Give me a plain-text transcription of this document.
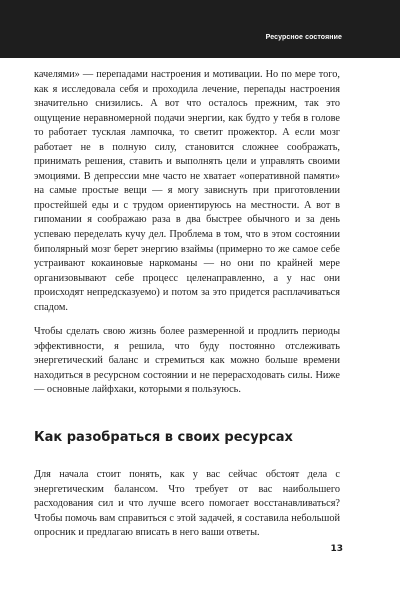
Ресурсное состояние

качелями» — перепадами настроения и мотивации. Но по мере того, как я исследовала себя и проходила лечение, перепады настроения значительно снизились. А вот что осталось прежним, так это ощущение неравномерной подачи энергии, как будто у тебя в голове то работает тусклая лампочка, то светит прожектор. А если мозг работает не в полную силу, становится сложнее соображать, принимать решения, ставить и выполнять цели и управлять своими эмоциями. В депрессии мне часто не хватает «оперативной памяти» на самые простые вещи — я могу зависнуть при приготовлении простейшей еды и с трудом ориентируюсь на местности. А вот в гипомании я соображаю раза в два быстрее обычного и за день успеваю переделать кучу дел. Проблема в том, что в этом состоянии биполярный мозг берет энергию взаймы (примерно то же самое себе устраивают кокаиновые наркоманы — но они по крайней мере организовывают себе процесс целенаправленно, а у нас они происходят непредсказуемо) и потом за это придется расплачиваться спадом.

Чтобы сделать свою жизнь более размеренной и продлить периоды эффективности, я решила, что буду постоянно отслеживать энергетический баланс и стремиться как можно больше времени находиться в ресурсном состоянии и не перерасходовать силы. Ниже — основные лайфхаки, которыми я пользуюсь.

Как разобраться в своих ресурсах

Для начала стоит понять, как у вас сейчас обстоят дела с энергетическим балансом. Что требует от вас наибольшего расходования сил и что лучше всего помогает восстанавливаться? Чтобы помочь вам справиться с этой задачей, я составила небольшой опросник и предлагаю вписать в него ваши ответы.

13
